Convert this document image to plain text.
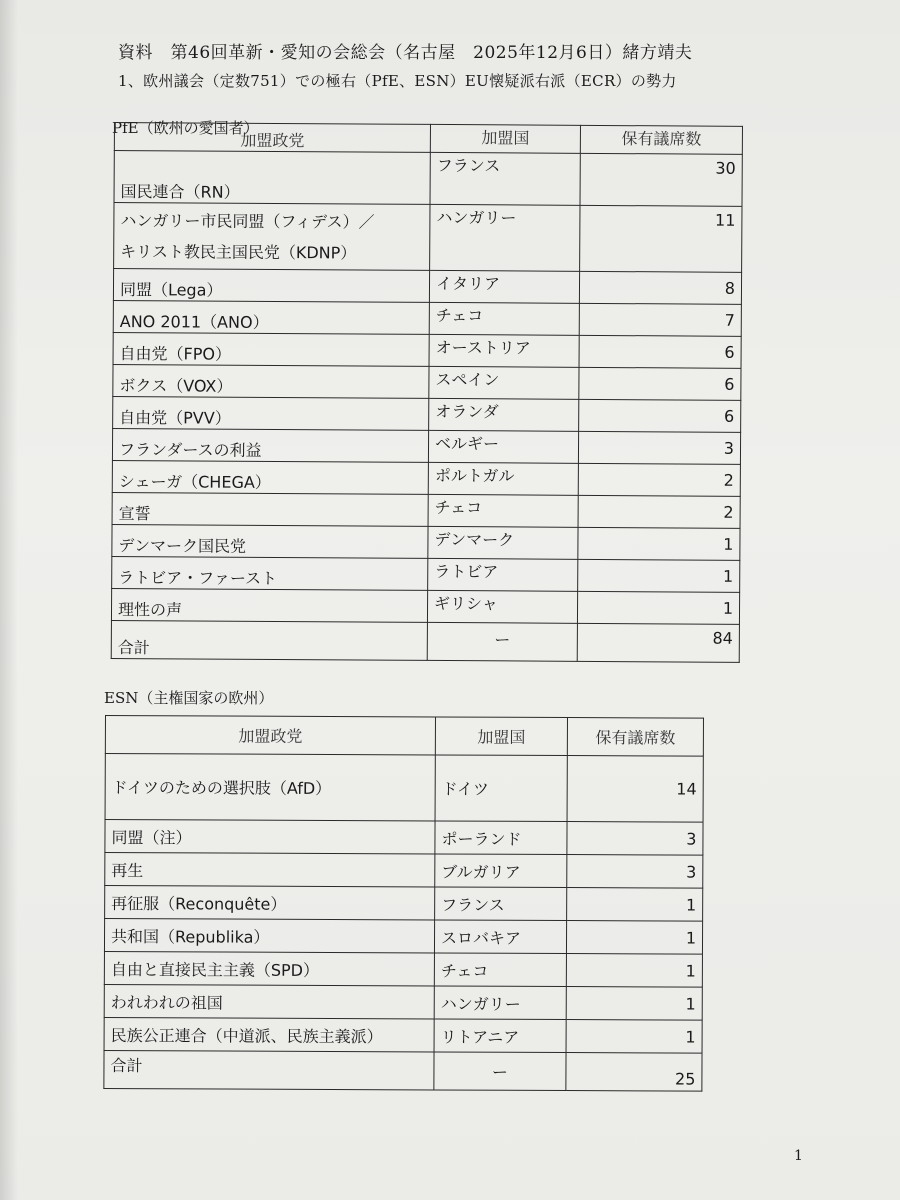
資料　第46回革新・愛知の会総会（名古屋　2025年12月6日）緒方靖夫
1、欧州議会（定数751）での極右（PfE、ESN）EU懐疑派右派（ECR）の勢力
PfE（欧州の愛国者）
加盟政党	加盟国	保有議席数
国民連合（RN）	フランス	30

ハンガリー市民同盟（フィデス）／
キリスト教民主国民党（KDNP）	ハンガリー	11
同盟（Lega）	イタリア	8
ANO 2011（ANO）	チェコ	7
自由党（FPO）	オーストリア	6
ボクス（VOX）	スペイン	6
自由党（PVV）	オランダ	6
フランダースの利益	ベルギー	3
シェーガ（CHEGA）	ポルトガル	2
宣誓	チェコ	2
デンマーク国民党	デンマーク	1
ラトビア・ファースト	ラトビア	1
理性の声	ギリシャ	1
合計	ー	84
ESN（主権国家の欧州）
加盟政党	加盟国	保有議席数
ドイツのための選択肢（AfD）	ドイツ	14
同盟（注）	ポーランド	3
再生	ブルガリア	3
再征服（Reconquête）	フランス	1
共和国（Republika）	スロバキア	1
自由と直接民主主義（SPD）	チェコ	1
われわれの祖国	ハンガリー	1
民族公正連合（中道派、民族主義派）	リトアニア	1
合計	ー	25
1
